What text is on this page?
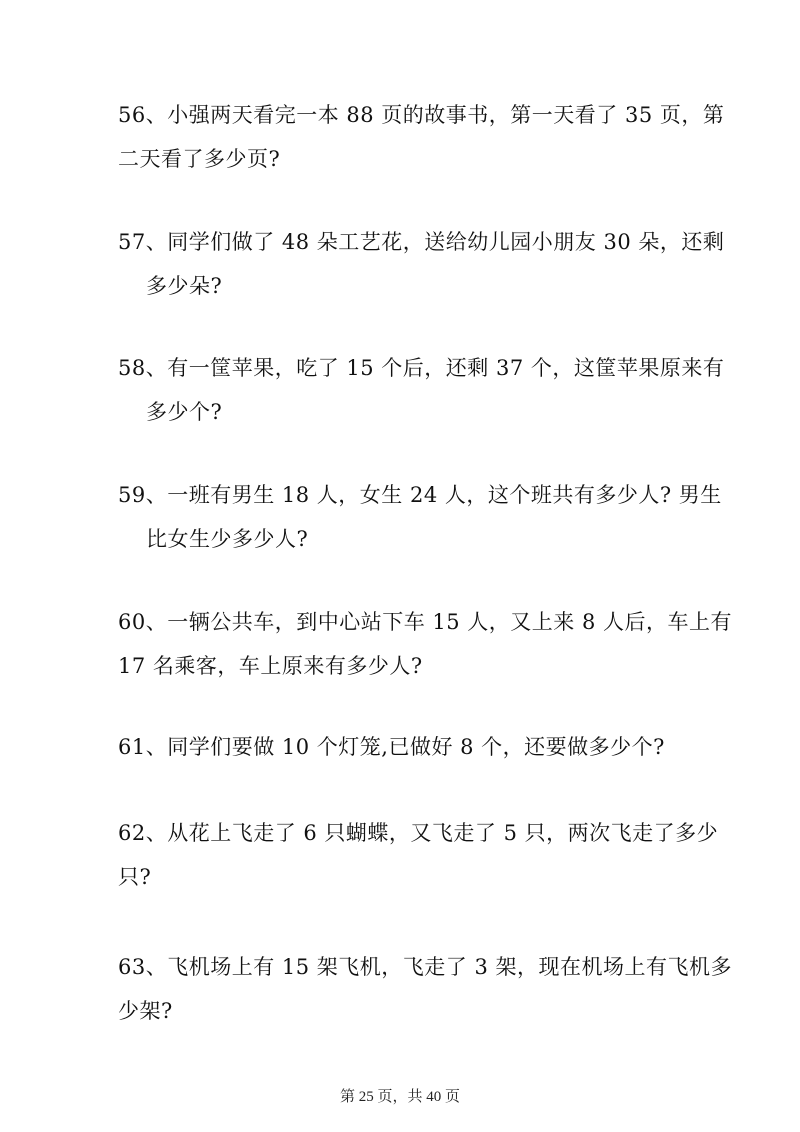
56、小强两天看完一本 88 页的故事书，第一天看了 35 页，第
二天看了多少页?
57、同学们做了 48 朵工艺花，送给幼儿园小朋友 30 朵，还剩
多少朵?
58、有一筐苹果，吃了 15 个后，还剩 37 个，这筐苹果原来有
多少个?
59、一班有男生 18 人，女生 24 人，这个班共有多少人? 男生
比女生少多少人?
60、一辆公共车，到中心站下车 15 人，又上来 8 人后，车上有
17 名乘客，车上原来有多少人?
61、同学们要做 10 个灯笼,已做好 8 个，还要做多少个?
62、从花上飞走了 6 只蝴蝶，又飞走了 5 只，两次飞走了多少
只?
63、飞机场上有 15 架飞机，飞走了 3 架，现在机场上有飞机多
少架?
第 25 页，共 40 页
